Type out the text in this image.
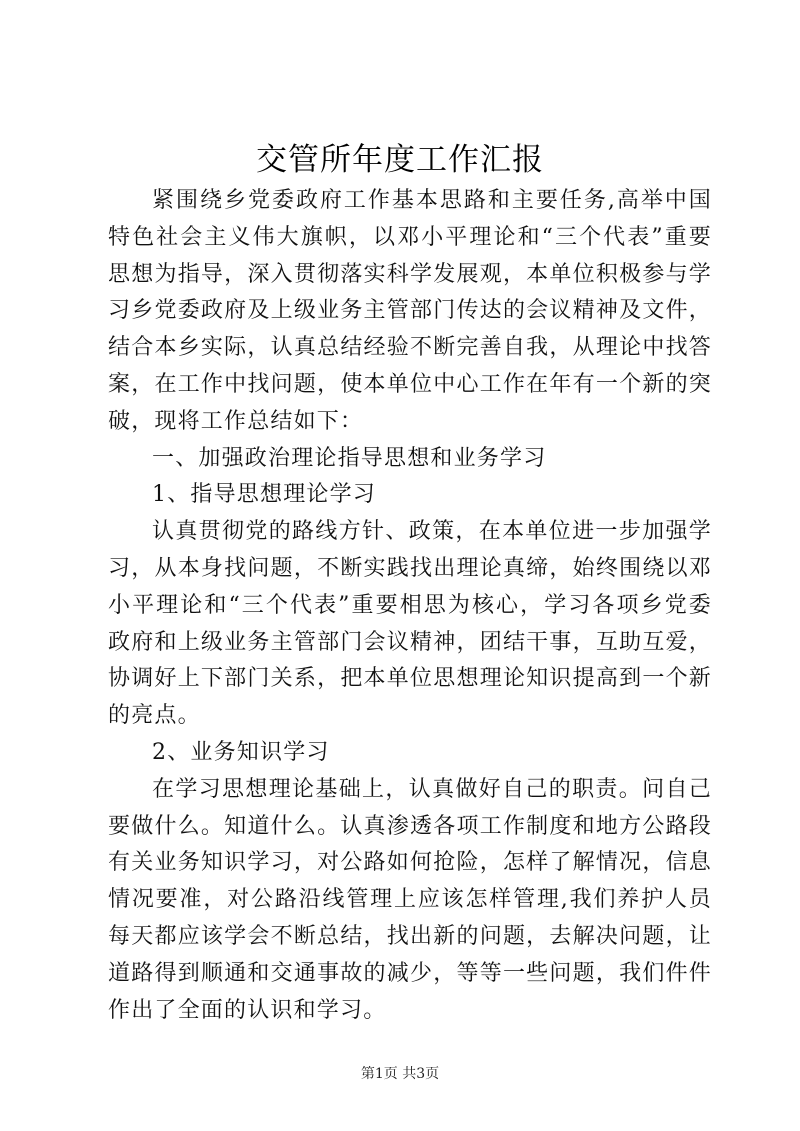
交管所年度工作汇报

紧围绕乡党委政府工作基本思路和主要任务,高举中国特色社会主义伟大旗帜，以邓小平理论和“三个代表”重要思想为指导，深入贯彻落实科学发展观，本单位积极参与学习乡党委政府及上级业务主管部门传达的会议精神及文件，结合本乡实际，认真总结经验不断完善自我，从理论中找答案，在工作中找问题，使本单位中心工作在年有一个新的突破，现将工作总结如下：

一、加强政治理论指导思想和业务学习

1、指导思想理论学习

认真贯彻党的路线方针、政策，在本单位进一步加强学习，从本身找问题，不断实践找出理论真缔，始终围绕以邓小平理论和“三个代表”重要相思为核心，学习各项乡党委政府和上级业务主管部门会议精神，团结干事，互助互爱，协调好上下部门关系，把本单位思想理论知识提高到一个新的亮点。

2、业务知识学习

在学习思想理论基础上，认真做好自己的职责。问自己要做什么。知道什么。认真渗透各项工作制度和地方公路段有关业务知识学习，对公路如何抢险，怎样了解情况，信息情况要准，对公路沿线管理上应该怎样管理,我们养护人员每天都应该学会不断总结，找出新的问题，去解决问题，让道路得到顺通和交通事故的减少，等等一些问题，我们件件作出了全面的认识和学习。

第1页 共3页
